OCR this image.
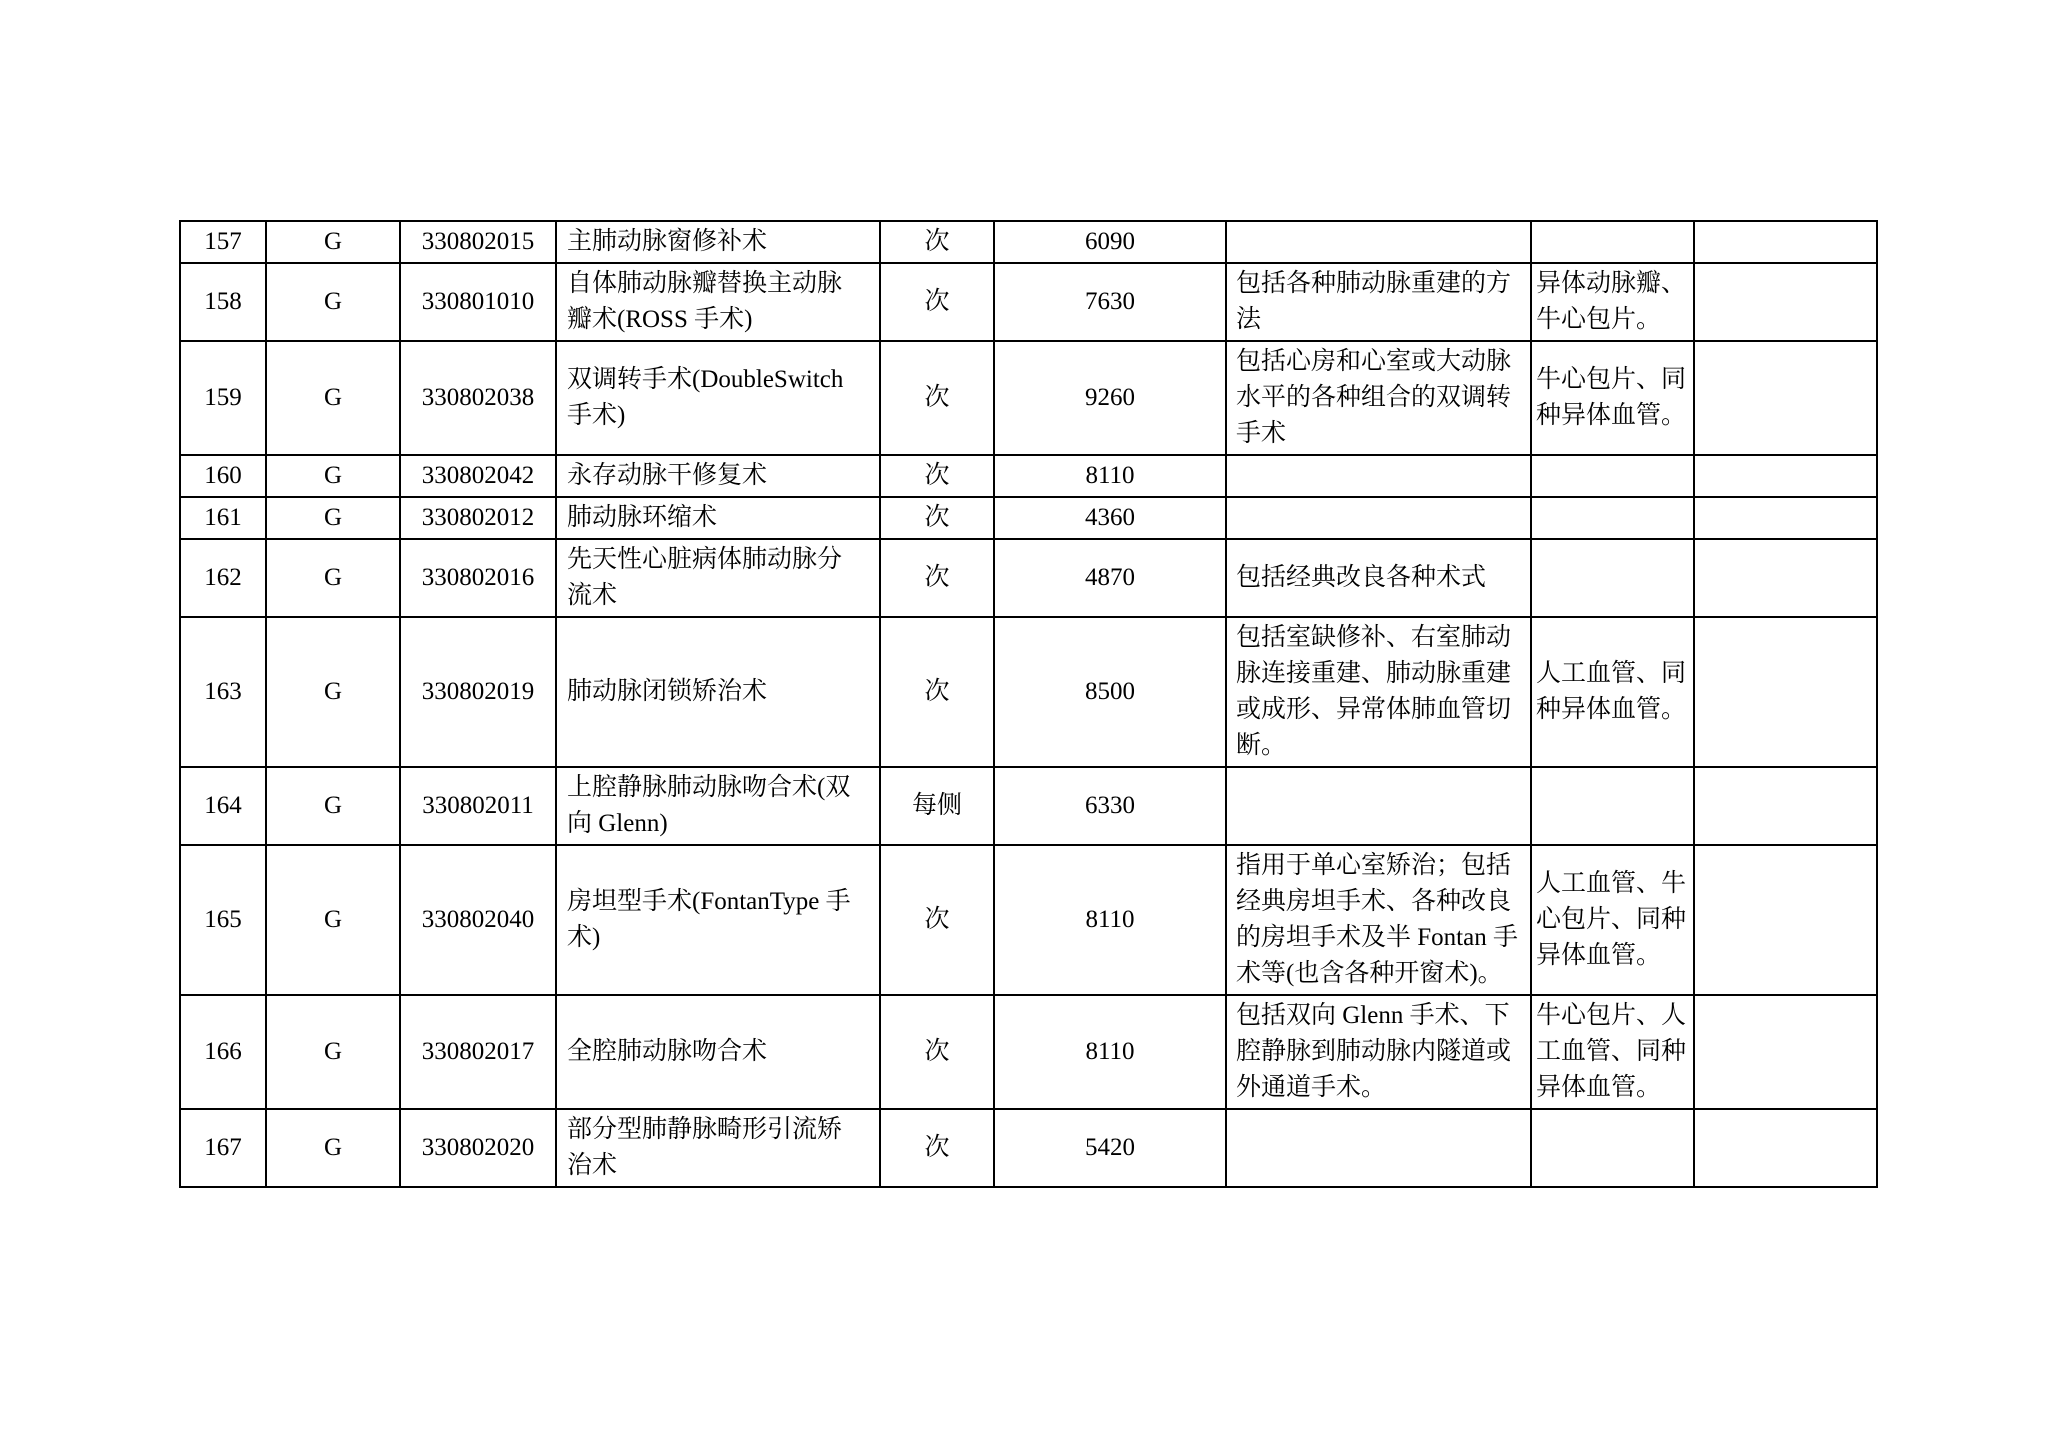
157	G	330802015	主肺动脉窗修补术	次	6090			
158	G	330801010	自体肺动脉瓣替换主动脉瓣术(ROSS 手术)	次	7630	包括各种肺动脉重建的方法	异体动脉瓣、牛心包片。	
159	G	330802038	双调转手术(DoubleSwitch 手术)	次	9260	包括心房和心室或大动脉水平的各种组合的双调转手术	牛心包片、同种异体血管。	
160	G	330802042	永存动脉干修复术	次	8110			
161	G	330802012	肺动脉环缩术	次	4360			
162	G	330802016	先天性心脏病体肺动脉分流术	次	4870	包括经典改良各种术式		
163	G	330802019	肺动脉闭锁矫治术	次	8500	包括室缺修补、右室肺动脉连接重建、肺动脉重建或成形、异常体肺血管切断。	人工血管、同种异体血管。	
164	G	330802011	上腔静脉肺动脉吻合术(双向 Glenn)	每侧	6330			
165	G	330802040	房坦型手术(FontanType 手术)	次	8110	指用于单心室矫治；包括经典房坦手术、各种改良的房坦手术及半 Fontan 手术等(也含各种开窗术)。	人工血管、牛心包片、同种异体血管。	
166	G	330802017	全腔肺动脉吻合术	次	8110	包括双向 Glenn 手术、下腔静脉到肺动脉内隧道或外通道手术。	牛心包片、人工血管、同种异体血管。	
167	G	330802020	部分型肺静脉畸形引流矫治术	次	5420			
